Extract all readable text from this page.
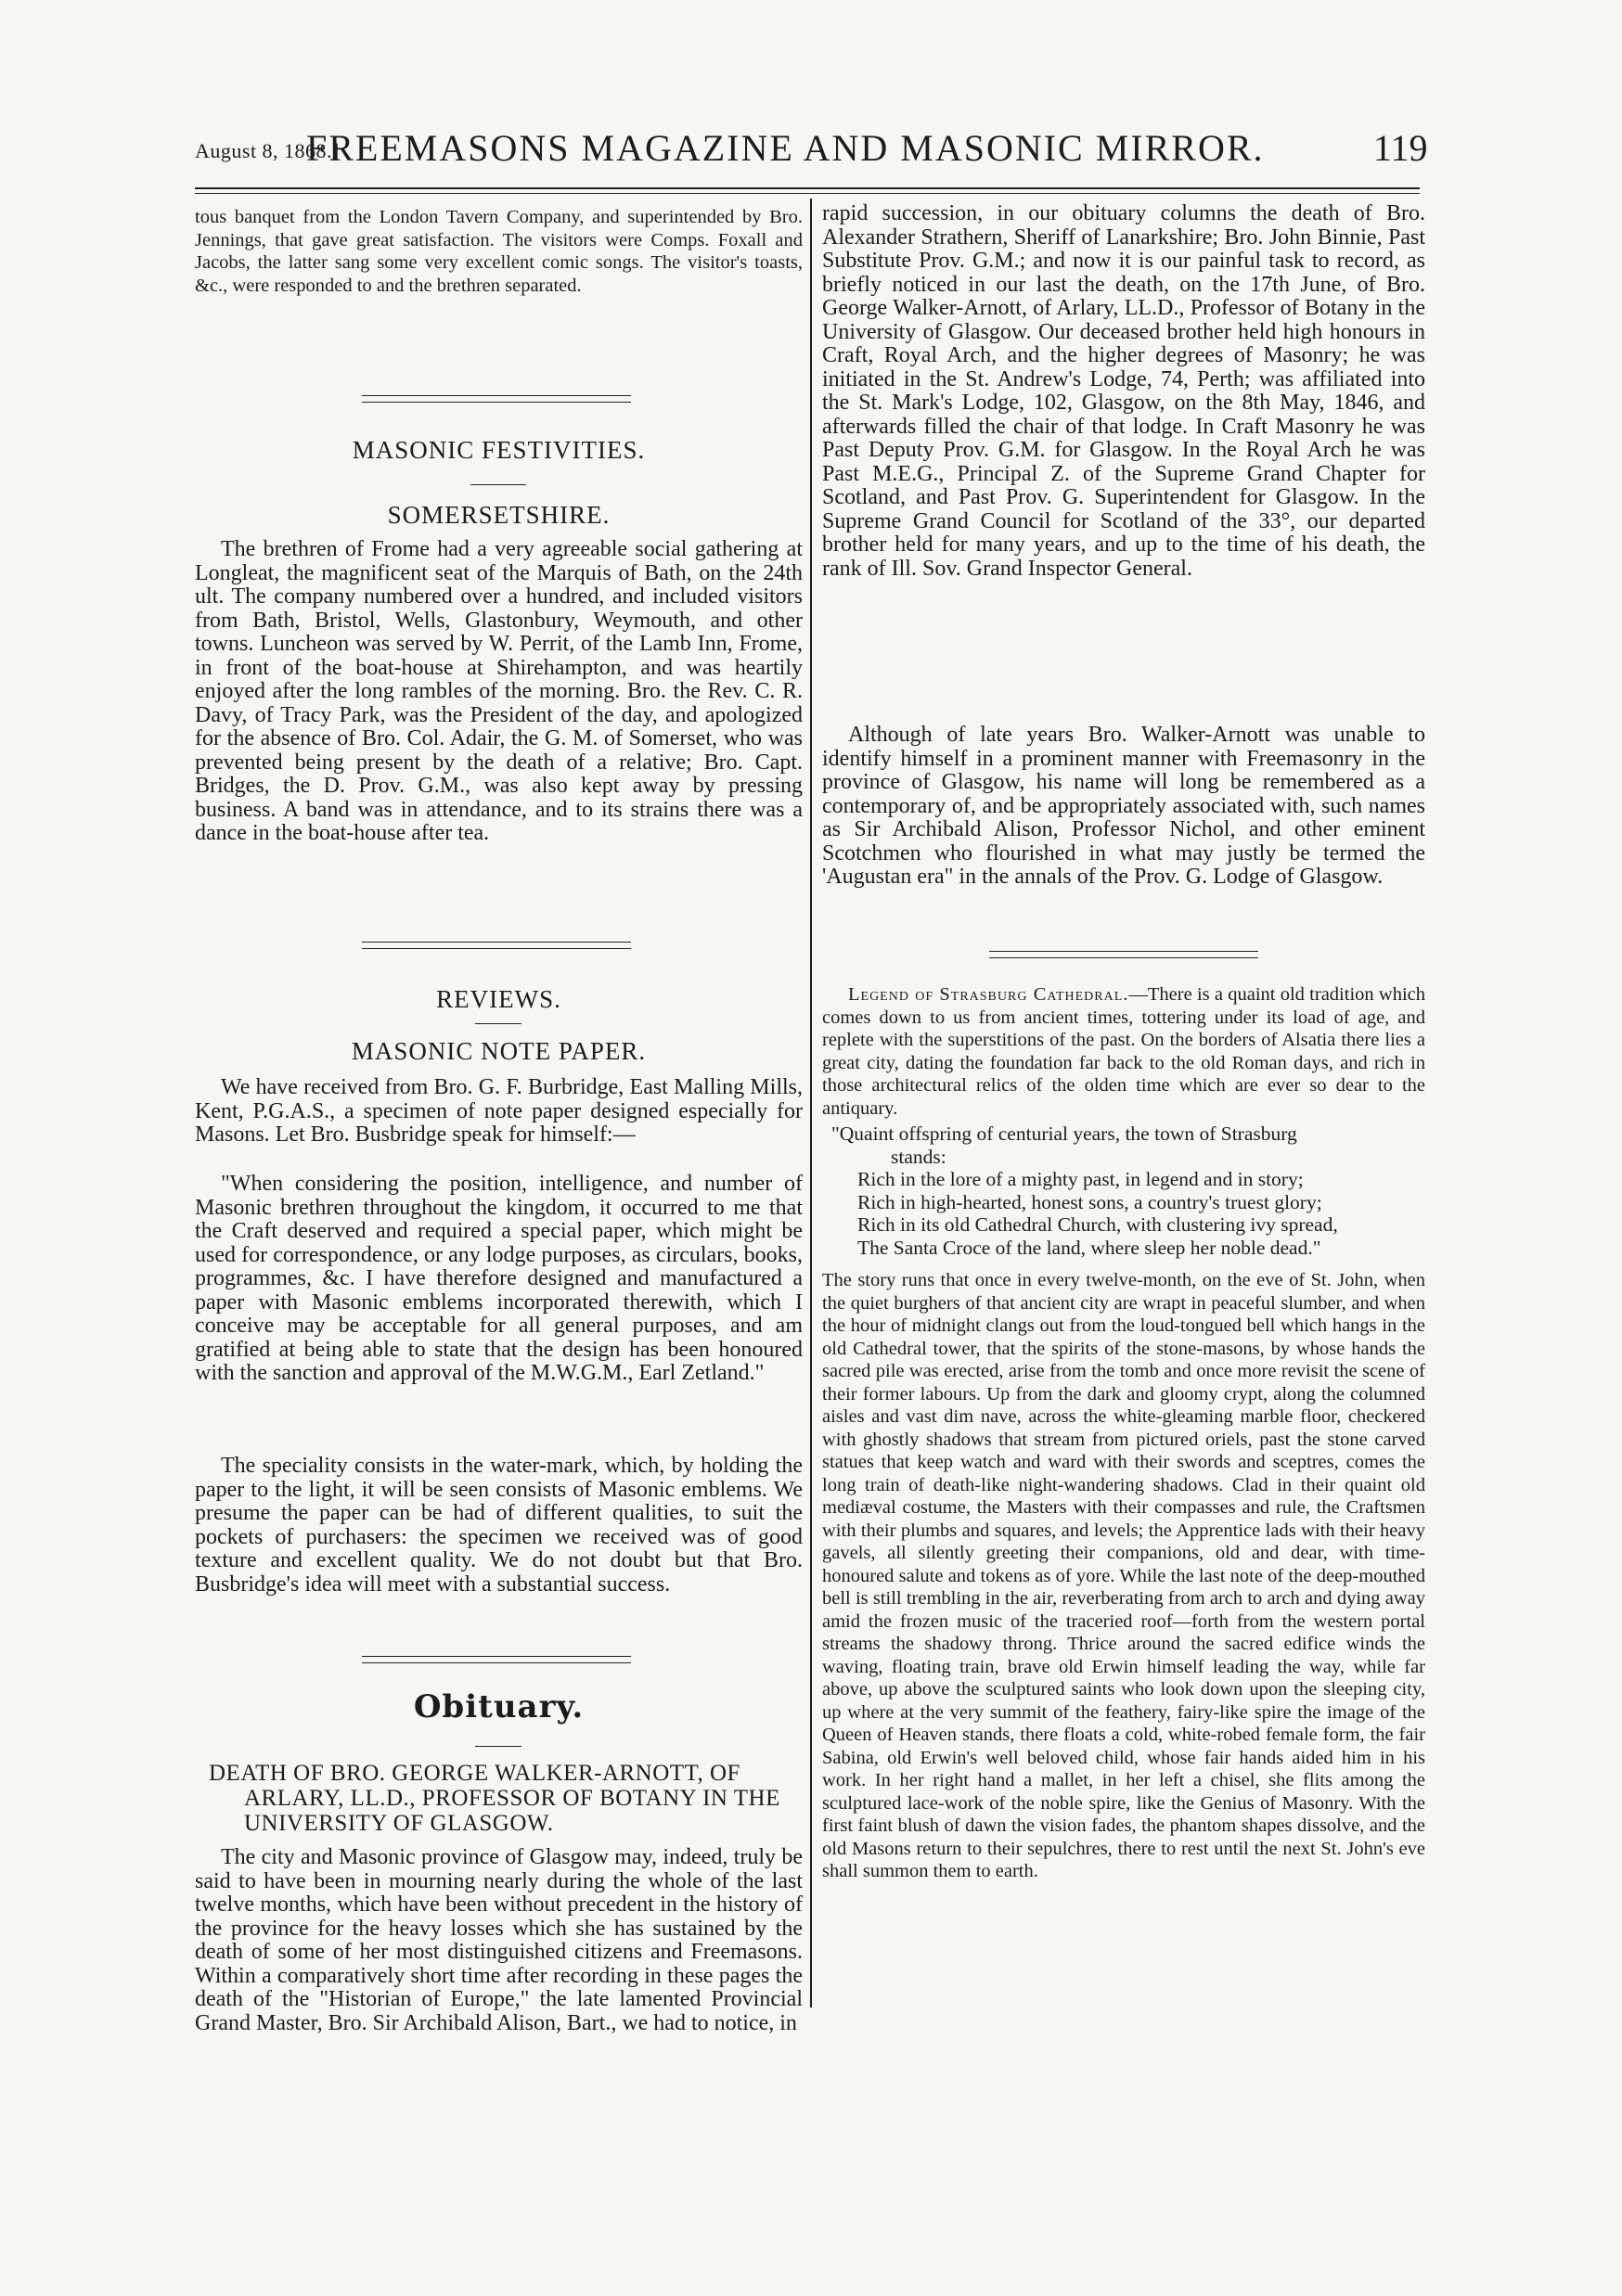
August 8, 1868.]
FREEMASONS MAGAZINE AND MASONIC MIRROR.	119

tous banquet from the London Tavern Company, and superintended by Bro. Jennings, that gave great satisfaction. The visitors were Comps. Foxall and Jacobs, the latter sang some very excellent comic songs. The visitor's toasts, &c., were responded to and the brethren separated.

MASONIC FESTIVITIES.

SOMERSETSHIRE.

The brethren of Frome had a very agreeable social gathering at Longleat, the magnificent seat of the Marquis of Bath, on the 24th ult. The company numbered over a hundred, and included visitors from Bath, Bristol, Wells, Glastonbury, Weymouth, and other towns. Luncheon was served by W. Perrit, of the Lamb Inn, Frome, in front of the boat-house at Shirehampton, and was heartily enjoyed after the long rambles of the morning. Bro. the Rev. C. R. Davy, of Tracy Park, was the President of the day, and apologized for the absence of Bro. Col. Adair, the G. M. of Somerset, who was prevented being present by the death of a relative; Bro. Capt. Bridges, the D. Prov. G.M., was also kept away by pressing business. A band was in attendance, and to its strains there was a dance in the boat-house after tea.

REVIEWS.

MASONIC NOTE PAPER.

We have received from Bro. G. F. Burbridge, East Malling Mills, Kent, P.G.A.S., a specimen of note paper designed especially for Masons. Let Bro. Busbridge speak for himself:—

"When considering the position, intelligence, and number of Masonic brethren throughout the kingdom, it occurred to me that the Craft deserved and required a special paper, which might be used for correspondence, or any lodge purposes, as circulars, books, programmes, &c. I have therefore designed and manufactured a paper with Masonic emblems incorporated therewith, which I conceive may be acceptable for all general purposes, and am gratified at being able to state that the design has been honoured with the sanction and approval of the M.W.G.M., Earl Zetland."

The speciality consists in the water-mark, which, by holding the paper to the light, it will be seen consists of Masonic emblems. We presume the paper can be had of different qualities, to suit the pockets of purchasers: the specimen we received was of good texture and excellent quality. We do not doubt but that Bro. Busbridge's idea will meet with a substantial success.

Obituary.

DEATH OF BRO. GEORGE WALKER-ARNOTT, OF ARLARY, LL.D., PROFESSOR OF BOTANY IN THE UNIVERSITY OF GLASGOW.

The city and Masonic province of Glasgow may, indeed, truly be said to have been in mourning nearly during the whole of the last twelve months, which have been without precedent in the history of the province for the heavy losses which she has sustained by the death of some of her most distinguished citizens and Freemasons. Within a comparatively short time after recording in these pages the death of the "Historian of Europe," the late lamented Provincial Grand Master, Bro. Sir Archibald Alison, Bart., we had to notice, in

rapid succession, in our obituary columns the death of Bro. Alexander Strathern, Sheriff of Lanarkshire; Bro. John Binnie, Past Substitute Prov. G.M.; and now it is our painful task to record, as briefly noticed in our last the death, on the 17th June, of Bro. George Walker-Arnott, of Arlary, LL.D., Professor of Botany in the University of Glasgow. Our deceased brother held high honours in Craft, Royal Arch, and the higher degrees of Masonry; he was initiated in the St. Andrew's Lodge, 74, Perth; was affiliated into the St. Mark's Lodge, 102, Glasgow, on the 8th May, 1846, and afterwards filled the chair of that lodge. In Craft Masonry he was Past Deputy Prov. G.M. for Glasgow. In the Royal Arch he was Past M.E.G., Principal Z. of the Supreme Grand Chapter for Scotland, and Past Prov. G. Superintendent for Glasgow. In the Supreme Grand Council for Scotland of the 33°, our departed brother held for many years, and up to the time of his death, the rank of Ill. Sov. Grand Inspector General.

Although of late years Bro. Walker-Arnott was unable to identify himself in a prominent manner with Freemasonry in the province of Glasgow, his name will long be remembered as a contemporary of, and be appropriately associated with, such names as Sir Archibald Alison, Professor Nichol, and other eminent Scotchmen who flourished in what may justly be termed the 'Augustan era" in the annals of the Prov. G. Lodge of Glasgow.

Legend of Strasburg Cathedral.—There is a quaint old tradition which comes down to us from ancient times, tottering under its load of age, and replete with the superstitions of the past. On the borders of Alsatia there lies a great city, dating the foundation far back to the old Roman days, and rich in those architectural relics of the olden time which are ever so dear to the antiquary.

"Quaint offspring of centurial years, the town of Strasburg
stands:
Rich in the lore of a mighty past, in legend and in story;
Rich in high-hearted, honest sons, a country's truest glory;
Rich in its old Cathedral Church, with clustering ivy spread,
The Santa Croce of the land, where sleep her noble dead."

The story runs that once in every twelve-month, on the eve of St. John, when the quiet burghers of that ancient city are wrapt in peaceful slumber, and when the hour of midnight clangs out from the loud-tongued bell which hangs in the old Cathedral tower, that the spirits of the stone-masons, by whose hands the sacred pile was erected, arise from the tomb and once more revisit the scene of their former labours. Up from the dark and gloomy crypt, along the columned aisles and vast dim nave, across the white-gleaming marble floor, checkered with ghostly shadows that stream from pictured oriels, past the stone carved statues that keep watch and ward with their swords and sceptres, comes the long train of death-like night-wandering shadows. Clad in their quaint old mediæval costume, the Masters with their compasses and rule, the Craftsmen with their plumbs and squares, and levels; the Apprentice lads with their heavy gavels, all silently greeting their companions, old and dear, with time-honoured salute and tokens as of yore. While the last note of the deep-mouthed bell is still trembling in the air, reverberating from arch to arch and dying away amid the frozen music of the traceried roof—forth from the western portal streams the shadowy throng. Thrice around the sacred edifice winds the waving, floating train, brave old Erwin himself leading the way, while far above, up above the sculptured saints who look down upon the sleeping city, up where at the very summit of the feathery, fairy-like spire the image of the Queen of Heaven stands, there floats a cold, white-robed female form, the fair Sabina, old Erwin's well beloved child, whose fair hands aided him in his work. In her right hand a mallet, in her left a chisel, she flits among the sculptured lace-work of the noble spire, like the Genius of Masonry. With the first faint blush of dawn the vision fades, the phantom shapes dissolve, and the old Masons return to their sepulchres, there to rest until the next St. John's eve shall summon them to earth.
